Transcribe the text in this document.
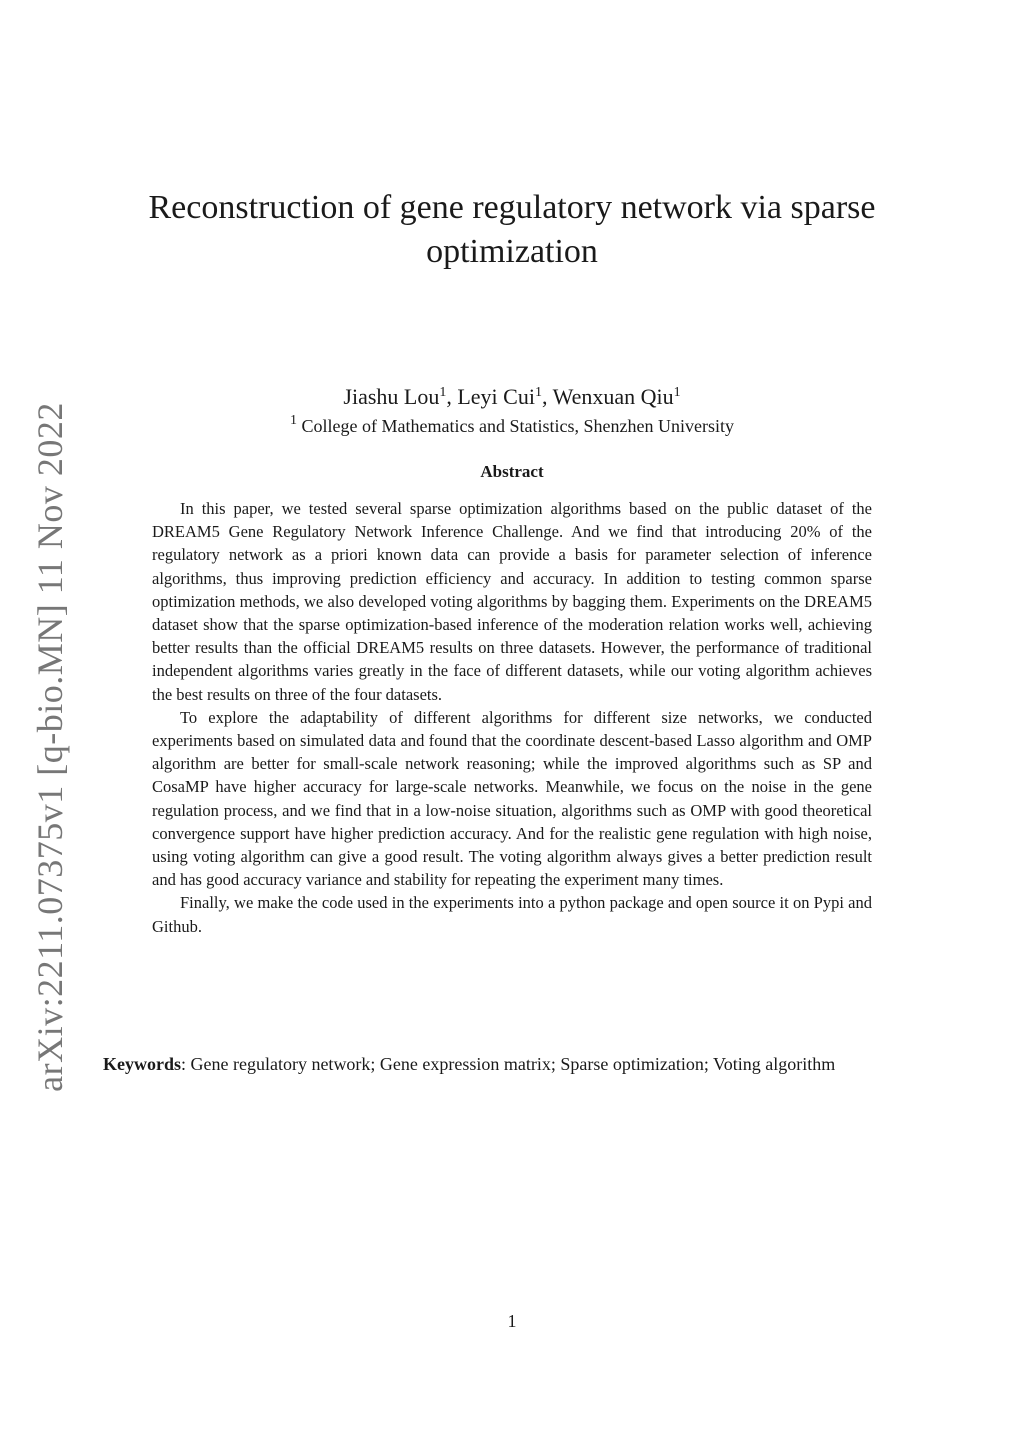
arXiv:2211.07375v1 [q-bio.MN] 11 Nov 2022
Reconstruction of gene regulatory network via sparse optimization
Jiashu Lou$^1$, Leyi Cui$^1$, Wenxuan Qiu$^1$
$^1$ College of Mathematics and Statistics, Shenzhen University
Abstract

In this paper, we tested several sparse optimization algorithms based on the public dataset of the DREAM5 Gene Regulatory Network Inference Challenge. And we find that introducing 20% of the regulatory network as a priori known data can provide a basis for parameter selection of inference algorithms, thus improving prediction efficiency and accuracy. In addition to testing common sparse optimization methods, we also developed voting algorithms by bagging them. Experiments on the DREAM5 dataset show that the sparse optimization-based inference of the moderation relation works well, achieving better results than the official DREAM5 results on three datasets. However, the performance of traditional independent algorithms varies greatly in the face of different datasets, while our voting algorithm achieves the best results on three of the four datasets.

To explore the adaptability of different algorithms for different size networks, we conducted experiments based on simulated data and found that the coordinate descent-based Lasso algorithm and OMP algorithm are better for small-scale network reasoning; while the improved algorithms such as SP and CosaMP have higher accuracy for large-scale networks. Meanwhile, we focus on the noise in the gene regulation process, and we find that in a low-noise situation, algorithms such as OMP with good theoretical convergence support have higher prediction accuracy. And for the realistic gene regulation with high noise, using voting algorithm can give a good result. The voting algorithm always gives a better prediction result and has good accuracy variance and stability for repeating the experiment many times.

Finally, we make the code used in the experiments into a python package and open source it on Pypi and Github.

Keywords: Gene regulatory network; Gene expression matrix; Sparse optimization; Voting algorithm
1
